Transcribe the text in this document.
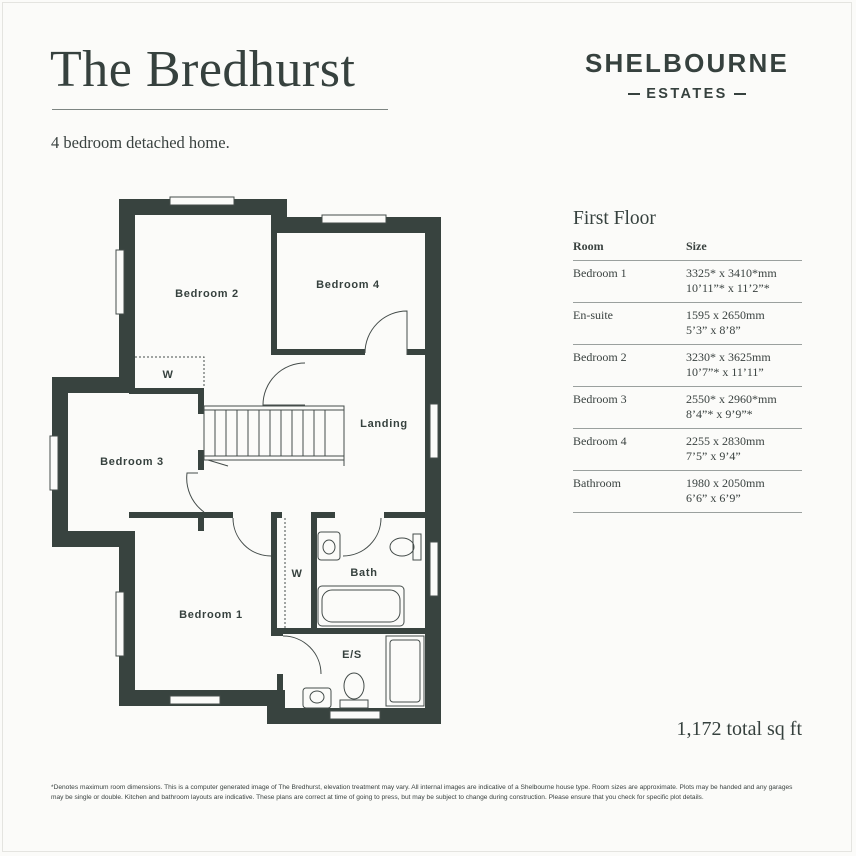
The Bredhurst
4 bedroom detached home.
SHELBOURNE
ESTATES
Bedroom 2
Bedroom 4
W
Landing
Bedroom 3
W	Bath
Bedroom 1
E/S
First Floor
Room	Size
Bedroom 1	3325* x 3410*mm
10’11”* x 11’2”*

En-suite	1595 x 2650mm
5’3” x 8’8”

Bedroom 2	3230* x 3625mm
10’7”* x 11’11”

Bedroom 3	2550* x 2960*mm
8’4”* x 9’9”*

Bedroom 4	2255 x 2830mm
7’5” x 9’4”

Bathroom	1980 x 2050mm
6’6” x 6’9”
1,172 total sq ft
*Denotes maximum room dimensions. This is a computer generated image of The Bredhurst, elevation treatment may vary. All internal images are indicative of a Shelbourne house type. Room sizes are approximate. Plots may be handed and any garages may be single or double. Kitchen and bathroom layouts are indicative. These plans are correct at time of going to press, but may be subject to change during construction. Please ensure that you check for specific plot details.
